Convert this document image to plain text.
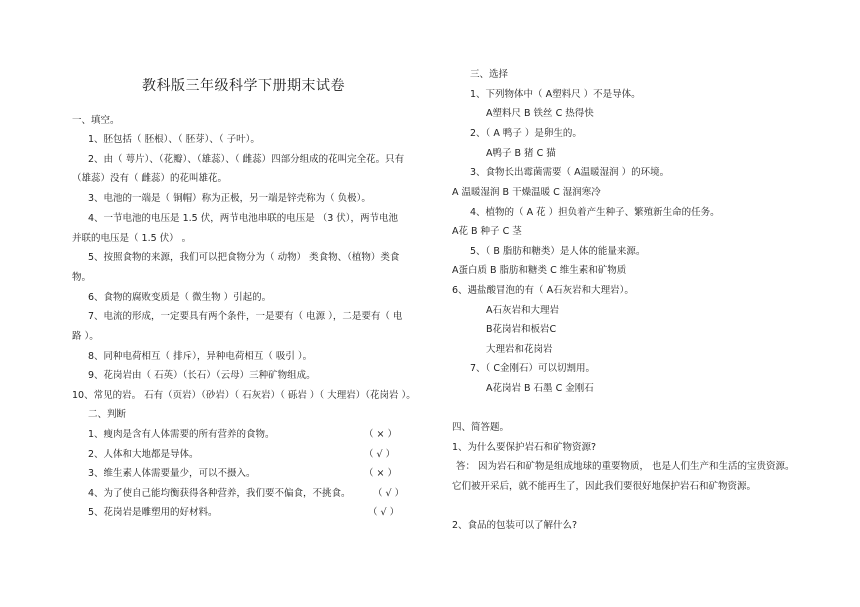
教科版三年级科学下册期末试卷
一、填空。
1、胚包括（ 胚根）、（ 胚芽）、（ 子叶）。
2、由（ 萼片）、（花瓣）、（雄蕊）、（ 雌蕊）四部分组成的花叫完全花。只有
（雄蕊）没有（ 雌蕊）的花叫雄花。
3、电池的一端是（ 铜帽）称为正极，另一端是锌壳称为（ 负极）。
4、一节电池的电压是 1.5 伏，两节电池串联的电压是 （3 伏），两节电池
并联的电压是（ 1.5 伏） 。
5、按照食物的来源，我们可以把食物分为（ 动物） 类食物、（植物）类食
物。
6、食物的腐败变质是（ 微生物 ）引起的。
7、电流的形成，一定要具有两个条件，一是要有（ 电源 ），二是要有（ 电
路 ）。
8、同种电荷相互（ 排斥），异种电荷相互（ 吸引 ）。
9、花岗岩由（ 石英）（长石）（云母）三种矿物组成。
10、常见的岩。 石有（页岩）（砂岩）（ 石灰岩）（ 砾岩 ）（ 大理岩）（花岗岩 ）。
二、判断
1、瘦肉是含有人体需要的所有营养的食物。	（ × ）
2、人体和大地都是导体。	（ √ ）
3、维生素人体需要量少，可以不摄入。	（ × ）
4、为了使自己能均衡获得各种营养，我们要不偏食，不挑食。 （ √ ）
5、花岗岩是雕塑用的好材料。	（ √ ）
三、选择
1、下列物体中（ A塑料尺 ）不是导体。
A塑料尺 B 铁丝 C 热得快
2、（ A 鸭子 ）是卵生的。
A鸭子 B 猪 C 猫
3、食物长出霉菌需要（ A温暖湿润 ）的环境。
A 温暖湿润 B 干燥温暖 C 湿润寒冷
4、植物的（ A 花 ）担负着产生种子、繁殖新生命的任务。
A花 B 种子 C 茎
5、（ B 脂肪和糖类）是人体的能量来源。
A蛋白质 B 脂肪和糖类 C 维生素和矿物质
6、遇盐酸冒泡的有（ A石灰岩和大理岩）。
A石灰岩和大理岩
B花岗岩和板岩C
大理岩和花岗岩
7、（ C金刚石）可以切割用。
A花岗岩 B 石墨 C 金刚石
四、简答题。
1、为什么要保护岩石和矿物资源?
答： 因为岩石和矿物是组成地球的重要物质， 也是人们生产和生活的宝贵资源。
它们被开采后，就不能再生了，因此我们要很好地保护岩石和矿物资源。
2、食品的包装可以了解什么?
